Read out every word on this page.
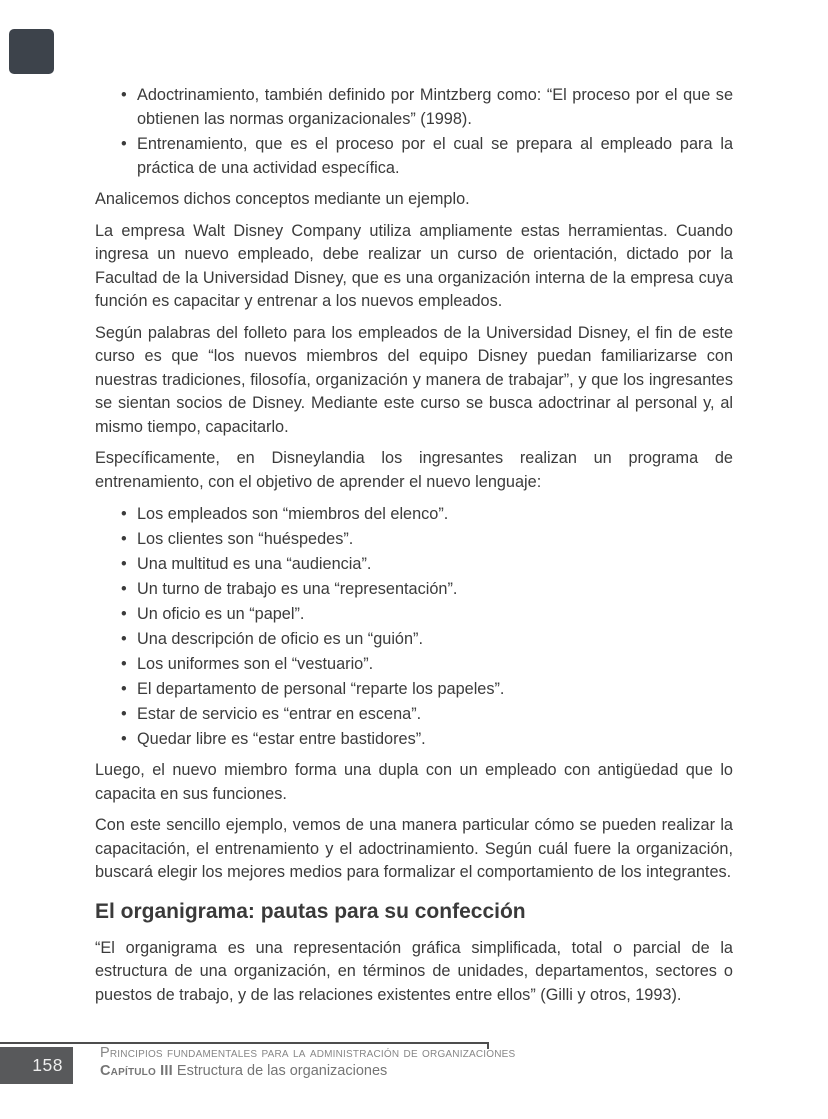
• Adoctrinamiento, también definido por Mintzberg como: “El proceso por el que se obtienen las normas organizacionales” (1998).
• Entrenamiento, que es el proceso por el cual se prepara al empleado para la práctica de una actividad específica.

Analicemos dichos conceptos mediante un ejemplo.

La empresa Walt Disney Company utiliza ampliamente estas herramientas. Cuando ingresa un nuevo empleado, debe realizar un curso de orientación, dictado por la Facultad de la Universidad Disney, que es una organización interna de la empresa cuya función es capacitar y entrenar a los nuevos empleados.

Según palabras del folleto para los empleados de la Universidad Disney, el fin de este curso es que “los nuevos miembros del equipo Disney puedan familiarizarse con nuestras tradiciones, filosofía, organización y manera de trabajar”, y que los ingresantes se sientan socios de Disney. Mediante este curso se busca adoctrinar al personal y, al mismo tiempo, capacitarlo.

Específicamente, en Disneylandia los ingresantes realizan un programa de entrenamiento, con el objetivo de aprender el nuevo lenguaje:

• Los empleados son “miembros del elenco”.
• Los clientes son “huéspedes”.
• Una multitud es una “audiencia”.
• Un turno de trabajo es una “representación”.
• Un oficio es un “papel”.
• Una descripción de oficio es un “guión”.
• Los uniformes son el “vestuario”.
• El departamento de personal “reparte los papeles”.
• Estar de servicio es “entrar en escena”.
• Quedar libre es “estar entre bastidores”.

Luego, el nuevo miembro forma una dupla con un empleado con antigüedad que lo capacita en sus funciones.

Con este sencillo ejemplo, vemos de una manera particular cómo se pueden realizar la capacitación, el entrenamiento y el adoctrinamiento. Según cuál fuere la organización, buscará elegir los mejores medios para formalizar el comportamiento de los integrantes.

El organigrama: pautas para su confección

“El organigrama es una representación gráfica simplificada, total o parcial de la estructura de una organización, en términos de unidades, departamentos, sectores o puestos de trabajo, y de las relaciones existentes entre ellos” (Gilli y otros, 1993).

158
Principios fundamentales para la administración de organizaciones
Capítulo III Estructura de las organizaciones
